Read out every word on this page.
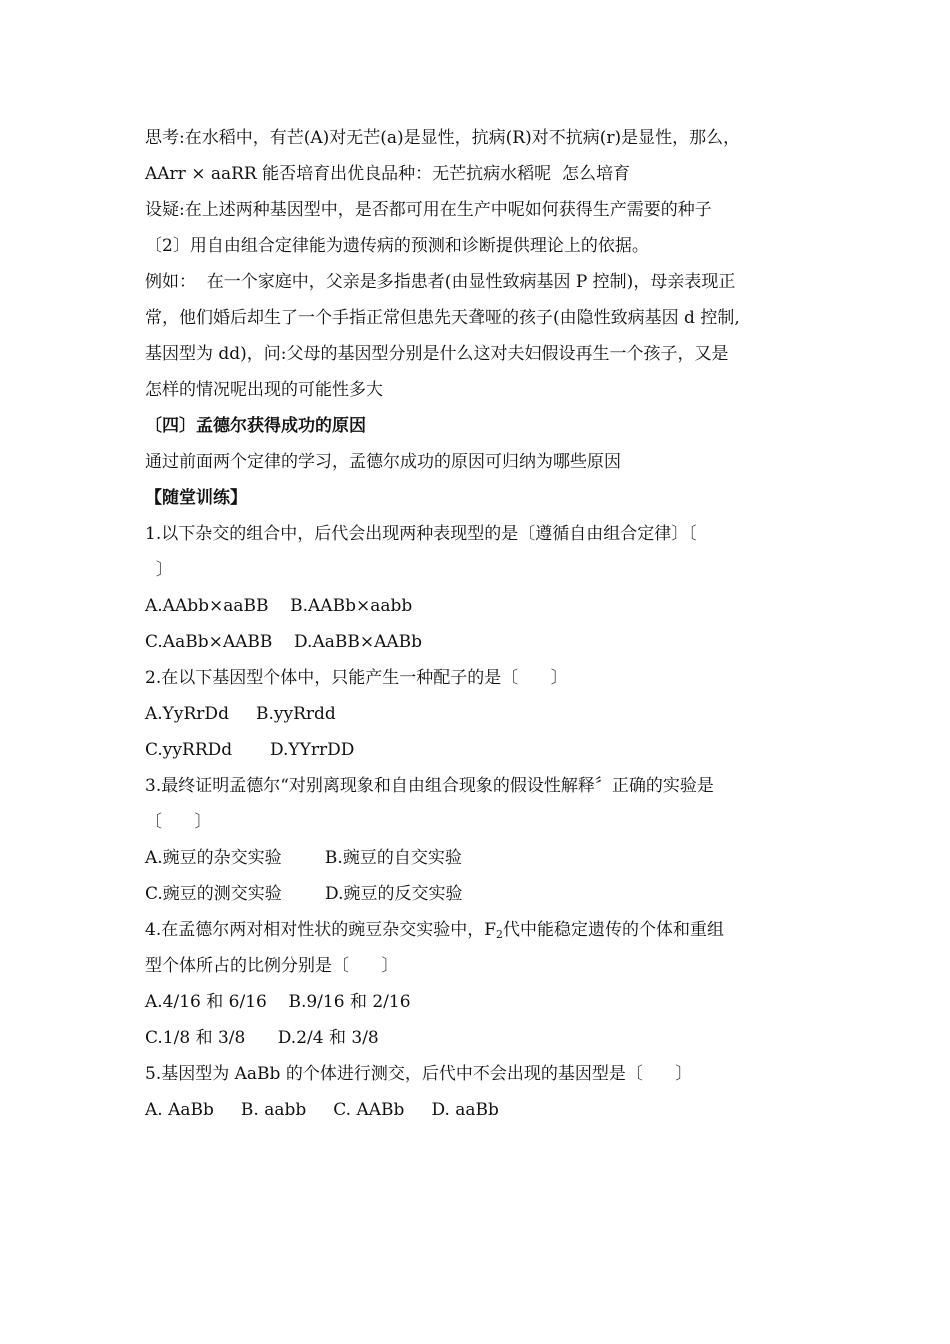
思考:在水稻中，有芒(A)对无芒(a)是显性，抗病(R)对不抗病(r)是显性，那么，
AArr × aaRR 能否培育出优良品种：无芒抗病水稻呢  怎么培育
设疑:在上述两种基因型中，是否都可用在生产中呢如何获得生产需要的种子
〔2〕用自由组合定律能为遗传病的预测和诊断提供理论上的依据。
例如：  在一个家庭中，父亲是多指患者(由显性致病基因 P 控制)，母亲表现正
常，他们婚后却生了一个手指正常但患先天聋哑的孩子(由隐性致病基因 d 控制,
基因型为 dd)，问:父母的基因型分别是什么这对夫妇假设再生一个孩子，又是
怎样的情况呢出现的可能性多大
〔四〕孟德尔获得成功的原因
通过前面两个定律的学习，孟德尔成功的原因可归纳为哪些原因
【随堂训练】
1.以下杂交的组合中，后代会出现两种表现型的是〔遵循自由组合定律〕〔
〕
A.AAbb×aaBB B.AABb×aabb
C.AaBb×AABB D.AaBB×AABb
2.在以下基因型个体中，只能产生一种配子的是〔      〕
A.YyRrDd B.yyRrdd
C.yyRRDd D.YYrrDD
3.最终证明孟德尔“对别离现象和自由组合现象的假设性解释〞正确的实验是
〔      〕
A.豌豆的杂交实验	B.豌豆的自交实验
C.豌豆的测交实验	D.豌豆的反交实验
4.在孟德尔两对相对性状的豌豆杂交实验中，$F_2$代中能稳定遗传的个体和重组
型个体所占的比例分别是〔      〕
A.4/16 和 6/16 B.9/16 和 2/16
C.1/8 和 3/8 D.2/4 和 3/8
5.基因型为 AaBb 的个体进行测交，后代中不会出现的基因型是〔      〕
A. AaBb B. aabb C. AABb D. aaBb
